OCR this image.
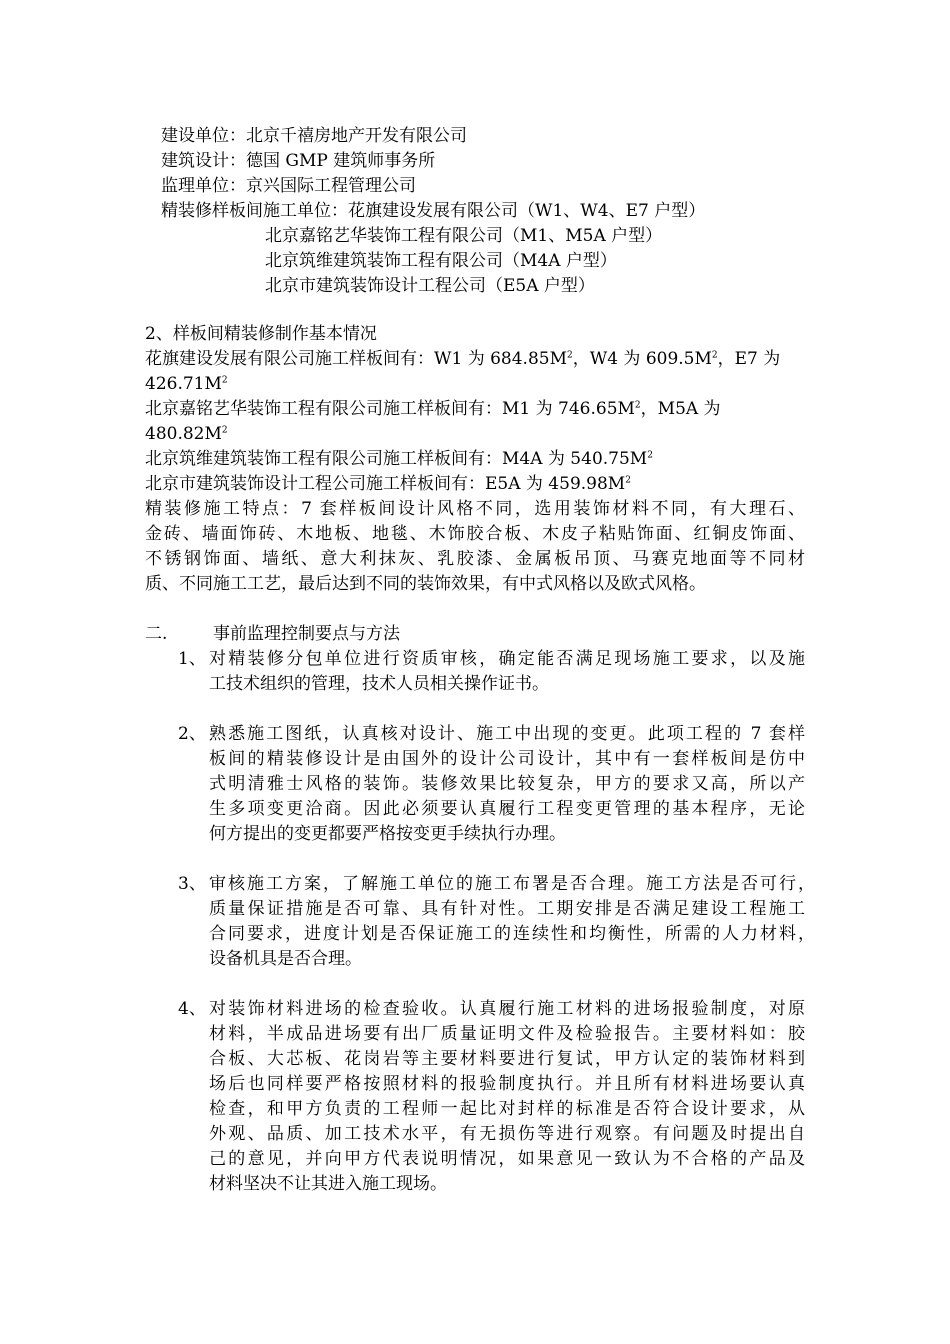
建设单位：北京千禧房地产开发有限公司
建筑设计：德国 GMP 建筑师事务所
监理单位：京兴国际工程管理公司
精装修样板间施工单位：花旗建设发展有限公司（W1、W4、E7 户型）
北京嘉铭艺华装饰工程有限公司（M1、M5A 户型）
北京筑维建筑装饰工程有限公司（M4A 户型）
北京市建筑装饰设计工程公司（E5A 户型）
2、样板间精装修制作基本情况
花旗建设发展有限公司施工样板间有：W1 为 $684.85M^2$，W4 为 $609.5M^2$，E7 为
$426.71M^2$
北京嘉铭艺华装饰工程有限公司施工样板间有：M1 为 $746.65M^2$，M5A 为
$480.82M^2$
北京筑维建筑装饰工程有限公司施工样板间有：M4A 为 $540.75M^2$
北京市建筑装饰设计工程公司施工样板间有：E5A 为 $459.98M^2$
精装修施工特点：7 套样板间设计风格不同，选用装饰材料不同，有大理石、
金砖、墙面饰砖、木地板、地毯、木饰胶合板、木皮子粘贴饰面、红铜皮饰面、
不锈钢饰面、墙纸、意大利抹灰、乳胶漆、金属板吊顶、马赛克地面等不同材
质、不同施工工艺，最后达到不同的装饰效果，有中式风格以及欧式风格。
二.	事前监理控制要点与方法
1、 对精装修分包单位进行资质审核，确定能否满足现场施工要求，以及施
工技术组织的管理，技术人员相关操作证书。
2、 熟悉施工图纸，认真核对设计、施工中出现的变更。此项工程的 7 套样
板间的精装修设计是由国外的设计公司设计，其中有一套样板间是仿中
式明清雅士风格的装饰。装修效果比较复杂，甲方的要求又高，所以产
生多项变更洽商。因此必须要认真履行工程变更管理的基本程序，无论
何方提出的变更都要严格按变更手续执行办理。
3、 审核施工方案，了解施工单位的施工布署是否合理。施工方法是否可行，
质量保证措施是否可靠、具有针对性。工期安排是否满足建设工程施工
合同要求，进度计划是否保证施工的连续性和均衡性，所需的人力材料，
设备机具是否合理。
4、 对装饰材料进场的检查验收。认真履行施工材料的进场报验制度，对原
材料，半成品进场要有出厂质量证明文件及检验报告。主要材料如：胶
合板、大芯板、花岗岩等主要材料要进行复试，甲方认定的装饰材料到
场后也同样要严格按照材料的报验制度执行。并且所有材料进场要认真
检查，和甲方负责的工程师一起比对封样的标准是否符合设计要求，从
外观、品质、加工技术水平，有无损伤等进行观察。有问题及时提出自
己的意见，并向甲方代表说明情况，如果意见一致认为不合格的产品及
材料坚决不让其进入施工现场。
